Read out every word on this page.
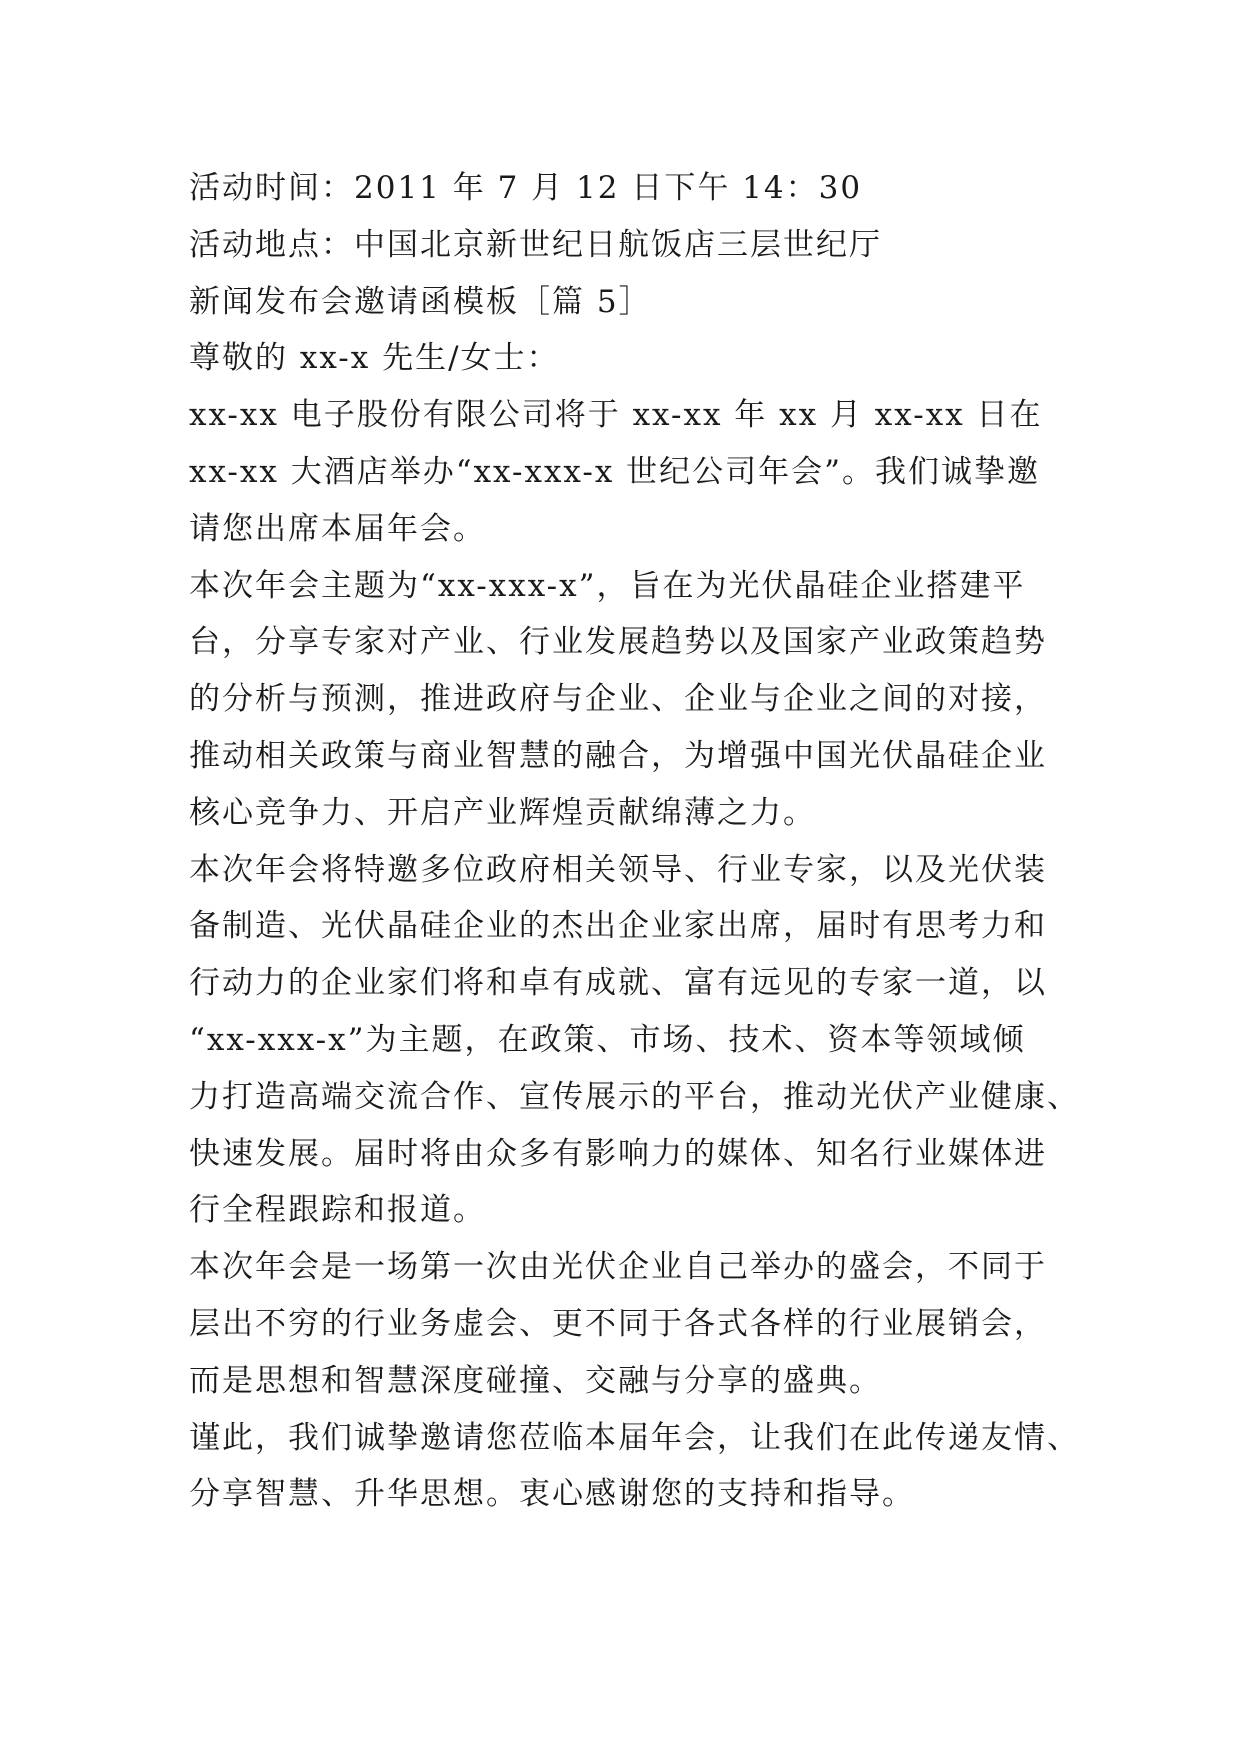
活动时间：2011 年 7 月 12 日下午 14：30
活动地点：中国北京新世纪日航饭店三层世纪厅
新闻发布会邀请函模板［篇 5］
尊敬的 xx-x 先生/女士：
xx-xx 电子股份有限公司将于 xx-xx 年 xx 月 xx-xx 日在
xx-xx 大酒店举办“xx-xxx-x 世纪公司年会”。我们诚挚邀
请您出席本届年会。
本次年会主题为“xx-xxx-x”，旨在为光伏晶硅企业搭建平
台，分享专家对产业、行业发展趋势以及国家产业政策趋势
的分析与预测，推进政府与企业、企业与企业之间的对接，
推动相关政策与商业智慧的融合，为增强中国光伏晶硅企业
核心竞争力、开启产业辉煌贡献绵薄之力。
本次年会将特邀多位政府相关领导、行业专家，以及光伏装
备制造、光伏晶硅企业的杰出企业家出席，届时有思考力和
行动力的企业家们将和卓有成就、富有远见的专家一道，以
“xx-xxx-x”为主题，在政策、市场、技术、资本等领域倾
力打造高端交流合作、宣传展示的平台，推动光伏产业健康、
快速发展。届时将由众多有影响力的媒体、知名行业媒体进
行全程跟踪和报道。
本次年会是一场第一次由光伏企业自己举办的盛会，不同于
层出不穷的行业务虚会、更不同于各式各样的行业展销会，
而是思想和智慧深度碰撞、交融与分享的盛典。
谨此，我们诚挚邀请您莅临本届年会，让我们在此传递友情、
分享智慧、升华思想。衷心感谢您的支持和指导。
